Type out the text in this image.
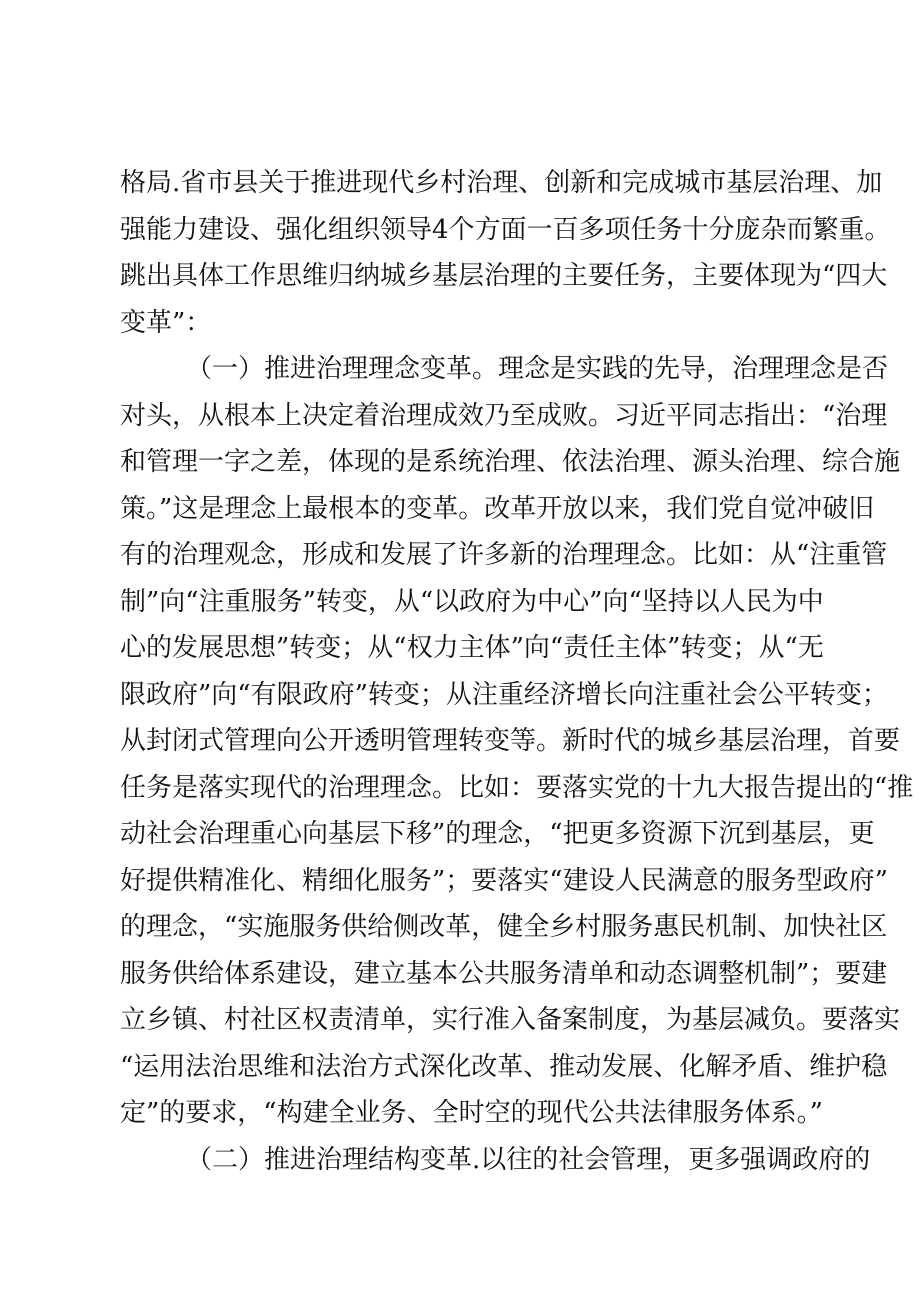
格局.省市县关于推进现代乡村治理、创新和完成城市基层治理、加
强能力建设、强化组织领导4个方面一百多项任务十分庞杂而繁重。
跳出具体工作思维归纳城乡基层治理的主要任务，主要体现为“四大
变革”：
（一）推进治理理念变革。理念是实践的先导，治理理念是否
对头，从根本上决定着治理成效乃至成败。习近平同志指出：“治理
和管理一字之差，体现的是系统治理、依法治理、源头治理、综合施
策。”这是理念上最根本的变革。改革开放以来，我们党自觉冲破旧
有的治理观念，形成和发展了许多新的治理理念。比如：从“注重管
制”向“注重服务”转变，从“以政府为中心”向“坚持以人民为中
心的发展思想”转变；从“权力主体”向“责任主体”转变；从“无
限政府”向“有限政府”转变；从注重经济增长向注重社会公平转变；
从封闭式管理向公开透明管理转变等。新时代的城乡基层治理，首要
任务是落实现代的治理理念。比如：要落实党的十九大报告提出的“推
动社会治理重心向基层下移”的理念，“把更多资源下沉到基层，更
好提供精准化、精细化服务”；要落实“建设人民满意的服务型政府”
的理念，“实施服务供给侧改革，健全乡村服务惠民机制、加快社区
服务供给体系建设，建立基本公共服务清单和动态调整机制”；要建
立乡镇、村社区权责清单，实行准入备案制度，为基层减负。要落实
“运用法治思维和法治方式深化改革、推动发展、化解矛盾、维护稳
定”的要求，“构建全业务、全时空的现代公共法律服务体系。”
（二）推进治理结构变革.以往的社会管理，更多强调政府的
